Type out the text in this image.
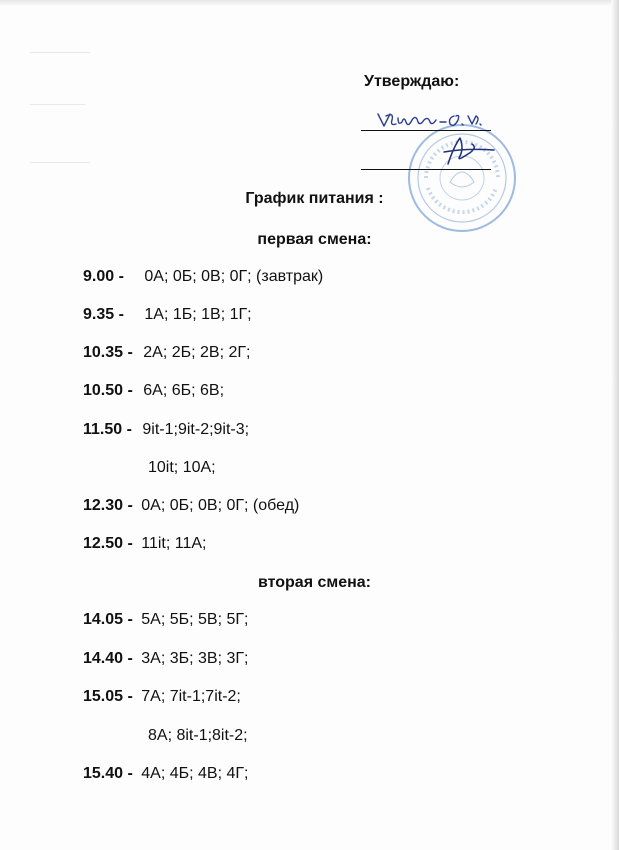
Утверждаю:
График питания :
первая смена:
9.00 - 0А; 0Б; 0В; 0Г; (завтрак)
9.35 - 1А; 1Б; 1В; 1Г;
10.35 - 2А; 2Б; 2В; 2Г;
10.50 - 6А; 6Б; 6В;
11.50 - 9it-1;9it-2;9it-3;
10it; 10А;
12.30 - 0А; 0Б; 0В; 0Г; (обед)
12.50 - 11it; 11А;
вторая смена:
14.05 - 5А; 5Б; 5В; 5Г;
14.40 - 3А; 3Б; 3В; 3Г;
15.05 - 7А; 7it-1;7it-2;
8А; 8it-1;8it-2;
15.40 - 4А; 4Б; 4В; 4Г;
